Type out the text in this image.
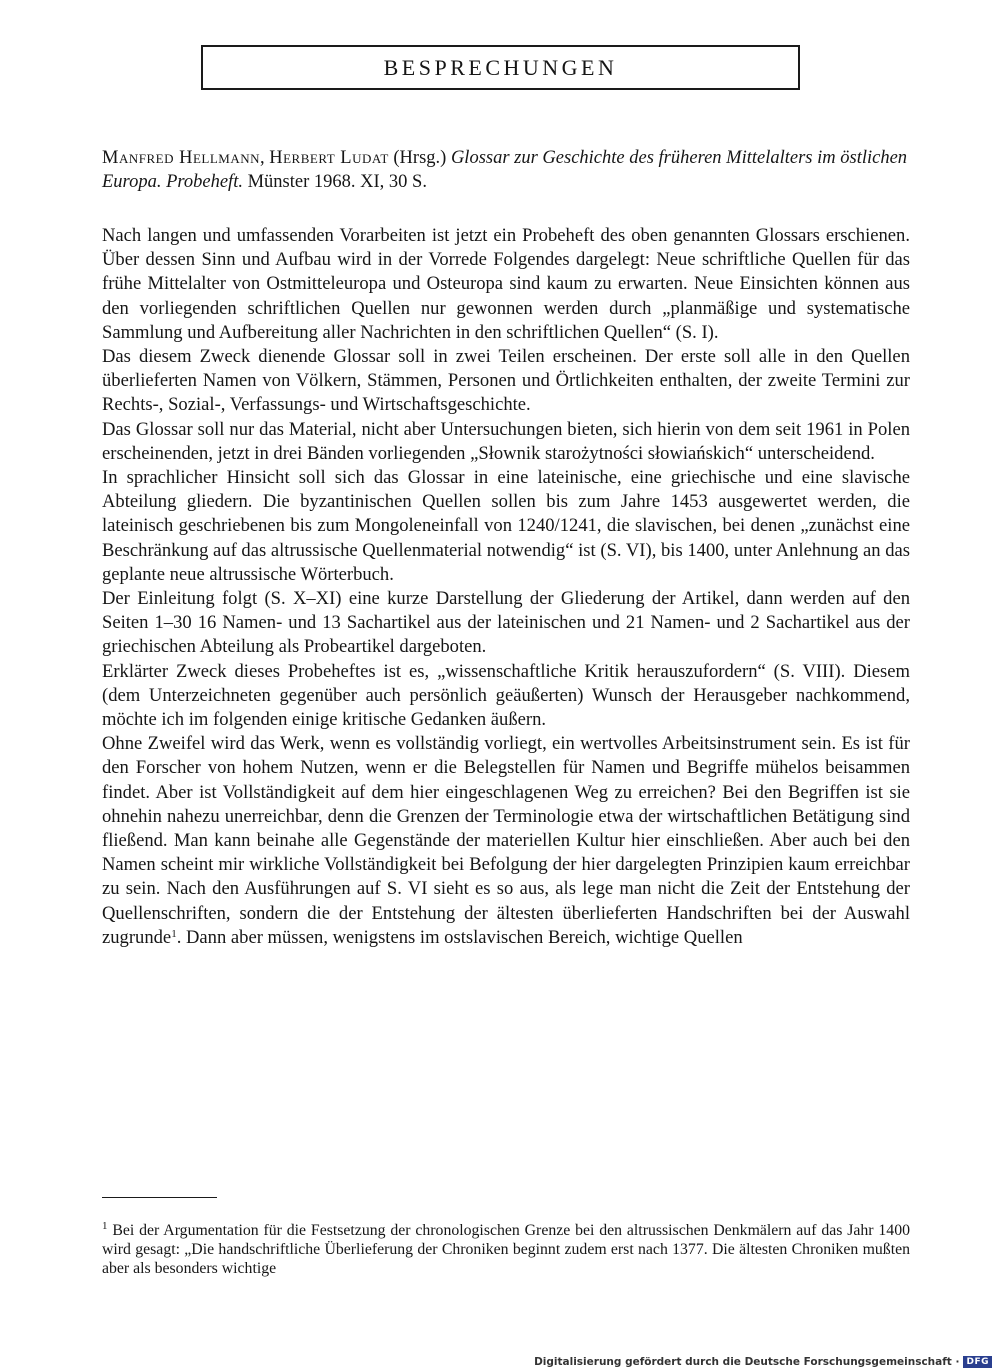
BESPRECHUNGEN
Manfred Hellmann, Herbert Ludat (Hrsg.) Glossar zur Geschichte des früheren Mittelalters im östlichen Europa. Probeheft. Münster 1968. XI, 30 S.

Nach langen und umfassenden Vorarbeiten ist jetzt ein Probeheft des oben genannten Glossars erschienen. Über dessen Sinn und Aufbau wird in der Vorrede Folgendes dargelegt: Neue schriftliche Quellen für das frühe Mittelalter von Ostmitteleuropa und Osteuropa sind kaum zu erwarten. Neue Einsichten können aus den vorliegenden schriftlichen Quellen nur gewonnen werden durch „planmäßige und systematische Sammlung und Aufbereitung aller Nachrichten in den schriftlichen Quellen“ (S. I).

Das diesem Zweck dienende Glossar soll in zwei Teilen erscheinen. Der erste soll alle in den Quellen überlieferten Namen von Völkern, Stämmen, Personen und Örtlichkeiten enthalten, der zweite Termini zur Rechts-, Sozial-, Verfassungs- und Wirtschaftsgeschichte.

Das Glossar soll nur das Material, nicht aber Untersuchungen bieten, sich hierin von dem seit 1961 in Polen erscheinenden, jetzt in drei Bänden vorliegenden „Słownik starożytności słowiańskich“ unterscheidend.

In sprachlicher Hinsicht soll sich das Glossar in eine lateinische, eine griechische und eine slavische Abteilung gliedern. Die byzantinischen Quellen sollen bis zum Jahre 1453 ausgewertet werden, die lateinisch geschriebenen bis zum Mongoleneinfall von 1240/1241, die slavischen, bei denen „zunächst eine Beschränkung auf das altrussische Quellenmaterial notwendig“ ist (S. VI), bis 1400, unter Anlehnung an das geplante neue altrussische Wörterbuch.

Der Einleitung folgt (S. X–XI) eine kurze Darstellung der Gliederung der Artikel, dann werden auf den Seiten 1–30 16 Namen- und 13 Sachartikel aus der lateinischen und 21 Namen- und 2 Sachartikel aus der griechischen Abteilung als Probeartikel dargeboten.

Erklärter Zweck dieses Probeheftes ist es, „wissenschaftliche Kritik herauszufordern“ (S. VIII). Diesem (dem Unterzeichneten gegenüber auch persönlich geäußerten) Wunsch der Herausgeber nachkommend, möchte ich im folgenden einige kritische Gedanken äußern.

Ohne Zweifel wird das Werk, wenn es vollständig vorliegt, ein wertvolles Arbeitsinstrument sein. Es ist für den Forscher von hohem Nutzen, wenn er die Belegstellen für Namen und Begriffe mühelos beisammen findet. Aber ist Vollständigkeit auf dem hier eingeschlagenen Weg zu erreichen? Bei den Begriffen ist sie ohnehin nahezu unerreichbar, denn die Grenzen der Terminologie etwa der wirtschaftlichen Betätigung sind fließend. Man kann beinahe alle Gegenstände der materiellen Kultur hier einschließen. Aber auch bei den Namen scheint mir wirkliche Vollständigkeit bei Befolgung der hier dargelegten Prinzipien kaum erreichbar zu sein. Nach den Ausführungen auf S. VI sieht es so aus, als lege man nicht die Zeit der Entstehung der Quellenschriften, sondern die der Entstehung der ältesten überlieferten Handschriften bei der Auswahl zugrunde$^1$. Dann aber müssen, wenigstens im ostslavischen Bereich, wichtige Quellen

$^1$ Bei der Argumentation für die Festsetzung der chronologischen Grenze bei den altrussischen Denkmälern auf das Jahr 1400 wird gesagt: „Die handschriftliche Überlieferung der Chroniken beginnt zudem erst nach 1377. Die ältesten Chroniken mußten aber als besonders wichtige

Digitalisierung gefördert durch die Deutsche Forschungsgemeinschaft · DFG
